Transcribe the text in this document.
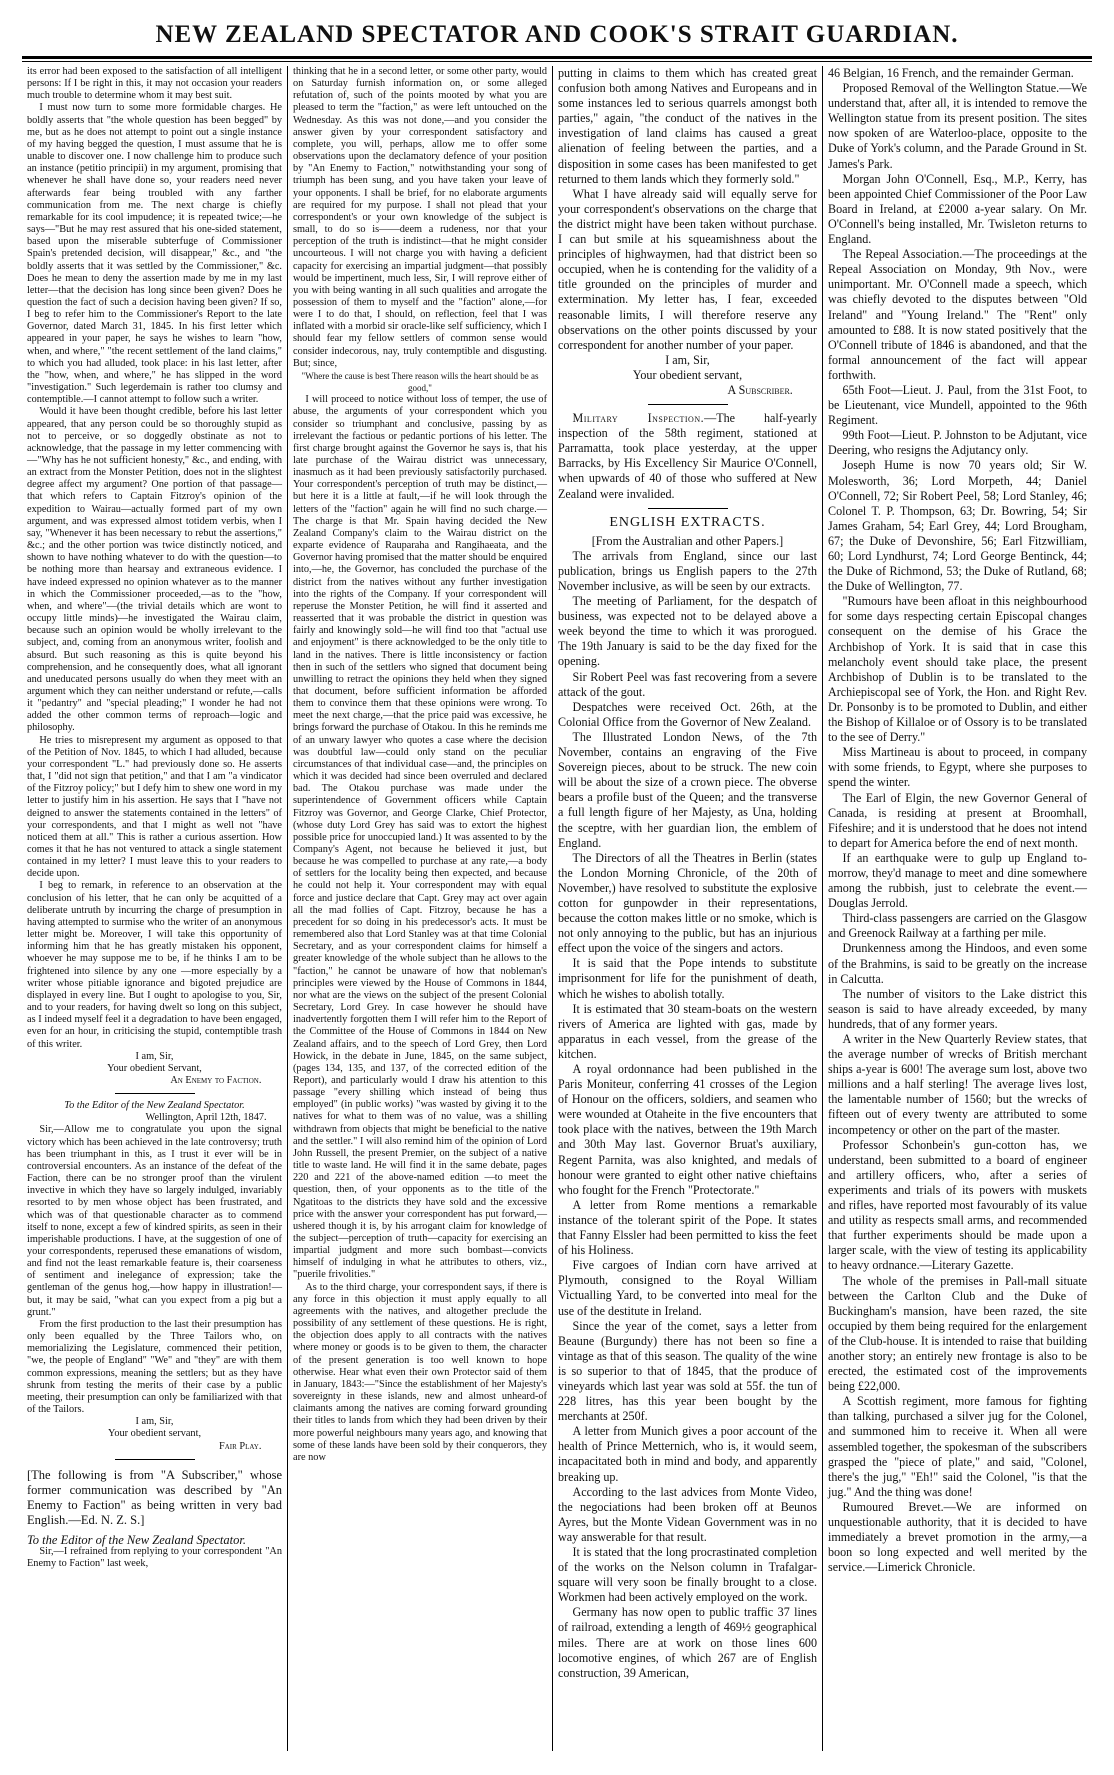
NEW ZEALAND SPECTATOR AND COOK'S STRAIT GUARDIAN.

its error had been exposed to the satisfaction of all intelligent persons: If I be right in this, it may not occasion your readers much trouble to determine whom it may best suit.

I must now turn to some more formidable charges. He boldly asserts that "the whole question has been begged" by me, but as he does not attempt to point out a single instance of my having begged the question, I must assume that he is unable to discover one. I now challenge him to produce such an instance (petitio principii) in my argument, promising that whenever he shall have done so, your readers need never afterwards fear being troubled with any farther communication from me. The next charge is chiefly remarkable for its cool impudence; it is repeated twice;—he says—"But he may rest assured that his one-sided statement, based upon the miserable subterfuge of Commissioner Spain's pretended decision, will disappear," &c., and "the boldly asserts that it was settled by the Commissioner," &c. Does he mean to deny the assertion made by me in my last letter—that the decision has long since been given? Does he question the fact of such a decision having been given? If so, I beg to refer him to the Commissioner's Report to the late Governor, dated March 31, 1845. In his first letter which appeared in your paper, he says he wishes to learn "how, when, and where," "the recent settlement of the land claims," to which you had alluded, took place: in his last letter, after the "how, when, and where," he has slipped in the word "investigation." Such legerdemain is rather too clumsy and contemptible.—I cannot attempt to follow such a writer.

Would it have been thought credible, before his last letter appeared, that any person could be so thoroughly stupid as not to perceive, or so doggedly obstinate as not to acknowledge, that the passage in my letter commencing with—"Why has he not sufficient honesty," &c., and ending, with an extract from the Monster Petition, does not in the slightest degree affect my argument? One portion of that passage—that which refers to Captain Fitzroy's opinion of the expedition to Wairau—actually formed part of my own argument, and was expressed almost totidem verbis, when I say, "Whenever it has been necessary to rebut the assertions," &c.; and the other portion was twice distinctly noticed, and shown to have nothing whatever to do with the question—to be nothing more than hearsay and extraneous evidence. I have indeed expressed no opinion whatever as to the manner in which the Commissioner proceeded,—as to the "how, when, and where"—(the trivial details which are wont to occupy little minds)—he investigated the Wairau claim, because such an opinion would be wholly irrelevant to the subject, and, coming from an anonymous writer, foolish and absurd. But such reasoning as this is quite beyond his comprehension, and he consequently does, what all ignorant and uneducated persons usually do when they meet with an argument which they can neither understand or refute,—calls it "pedantry" and "special pleading;" I wonder he had not added the other common terms of reproach—logic and philosophy.

He tries to misrepresent my argument as opposed to that of the Petition of Nov. 1845, to which I had alluded, because your correspondent "L." had previously done so. He asserts that, I "did not sign that petition," and that I am "a vindicator of the Fitzroy policy;" but I defy him to shew one word in my letter to justify him in his assertion. He says that I "have not deigned to answer the statements contained in the letters" of your correspondents, and that I might as well not "have noticed them at all." This is rather a curious assertion. How comes it that he has not ventured to attack a single statement contained in my letter? I must leave this to your readers to decide upon.

I beg to remark, in reference to an observation at the conclusion of his letter, that he can only be acquitted of a deliberate untruth by incurring the charge of presumption in having attempted to surmise who the writer of an anonymous letter might be. Moreover, I will take this opportunity of informing him that he has greatly mistaken his opponent, whoever he may suppose me to be, if he thinks I am to be frightened into silence by any one —more especially by a writer whose pitiable ignorance and bigoted prejudice are displayed in every line. But I ought to apologise to you, Sir, and to your readers, for having dwelt so long on this subject, as I indeed myself feel it a degradation to have been engaged, even for an hour, in criticising the stupid, contemptible trash of this writer.

I am, Sir,

Your obedient Servant,

An Enemy to Faction.

To the Editor of the New Zealand Spectator.

Wellington, April 12th, 1847.

Sir,—Allow me to congratulate you upon the signal victory which has been achieved in the late controversy; truth has been triumphant in this, as I trust it ever will be in controversial encounters. As an instance of the defeat of the Faction, there can be no stronger proof than the virulent invective in which they have so largely indulged, invariably resorted to by men whose object has been frustrated, and which was of that questionable character as to commend itself to none, except a few of kindred spirits, as seen in their imperishable productions. I have, at the suggestion of one of your correspondents, reperused these emanations of wisdom, and find not the least remarkable feature is, their coarseness of sentiment and inelegance of expression; take the gentleman of the genus hog,—how happy in illustration!—but, it may be said, "what can you expect from a pig but a grunt."

From the first production to the last their presumption has only been equalled by the Three Tailors who, on memorializing the Legislature, commenced their petition, "we, the people of England" "We" and "they" are with them common expressions, meaning the settlers; but as they have shrunk from testing the merits of their case by a public meeting, their presumption can only be familiarized with that of the Tailors.

I am, Sir,

Your obedient servant,

Fair Play.

[The following is from "A Subscriber," whose former communication was described by "An Enemy to Faction" as being written in very bad English.—Ed. N. Z. S.]

To the Editor of the New Zealand Spectator.

Sir,—I refrained from replying to your correspondent "An Enemy to Faction" last week,

thinking that he in a second letter, or some other party, would on Saturday furnish information on, or some alleged refutation of, such of the points mooted by what you are pleased to term the "faction," as were left untouched on the Wednesday. As this was not done,—and you consider the answer given by your correspondent satisfactory and complete, you will, perhaps, allow me to offer some observations upon the declamatory defence of your position by "An Enemy to Faction," notwithstanding your song of triumph has been sung, and you have taken your leave of your opponents. I shall be brief, for no elaborate arguments are required for my purpose. I shall not plead that your correspondent's or your own knowledge of the subject is small, to do so is——deem a rudeness, nor that your perception of the truth is indistinct—that he might consider uncourteous. I will not charge you with having a deficient capacity for exercising an impartial judgment—that possibly would be impertinent, much less, Sir, I will reprove either of you with being wanting in all such qualities and arrogate the possession of them to myself and the "faction" alone,—for were I to do that, I should, on reflection, feel that I was inflated with a morbid sir oracle-like self sufficiency, which I should fear my fellow settlers of common sense would consider indecorous, nay, truly contemptible and disgusting. But; since,

"Where the cause is best There reason wills the heart should be as good,"

I will proceed to notice without loss of temper, the use of abuse, the arguments of your correspondent which you consider so triumphant and conclusive, passing by as irrelevant the factious or pedantic portions of his letter. The first charge brought against the Governor he says is, that his late purchase of the Wairau district was unnecessary, inasmuch as it had been previously satisfactorily purchased. Your correspondent's perception of truth may be distinct,—but here it is a little at fault,—if he will look through the letters of the "faction" again he will find no such charge.—The charge is that Mr. Spain having decided the New Zealand Company's claim to the Wairau district on the exparte evidence of Rauparaha and Rangihaeata, and the Governor having promised that the matter should be enquired into,—he, the Governor, has concluded the purchase of the district from the natives without any further investigation into the rights of the Company. If your correspondent will reperuse the Monster Petition, he will find it asserted and reasserted that it was probable the district in question was fairly and knowingly sold—he will find too that "actual use and enjoyment" is there acknowledged to be the only title to land in the natives. There is little inconsistency or faction then in such of the settlers who signed that document being unwilling to retract the opinions they held when they signed that document, before sufficient information be afforded them to convince them that these opinions were wrong. To meet the next charge,—that the price paid was excessive, he brings forward the purchase of Otakou. In this he reminds me of an unwary lawyer who quotes a case where the decision was doubtful law—could only stand on the peculiar circumstances of that individual case—and, the principles on which it was decided had since been overruled and declared bad. The Otakou purchase was made under the superintendence of Government officers while Captain Fitzroy was Governor, and George Clarke, Chief Protector, (whose duty Lord Grey has said was to extort the highest possible price for unoccupied land.) It was assented to by the Company's Agent, not because he believed it just, but because he was compelled to purchase at any rate,—a body of settlers for the locality being then expected, and because he could not help it. Your correspondent may with equal force and justice declare that Capt. Grey may act over again all the mad follies of Capt. Fitzroy, because he has a precedent for so doing in his predecessor's acts. It must be remembered also that Lord Stanley was at that time Colonial Secretary, and as your correspondent claims for himself a greater knowledge of the whole subject than he allows to the "faction," he cannot be unaware of how that nobleman's principles were viewed by the House of Commons in 1844, nor what are the views on the subject of the present Colonial Secretary, Lord Grey. In case however he should have inadvertently forgotten them I will refer him to the Report of the Committee of the House of Commons in 1844 on New Zealand affairs, and to the speech of Lord Grey, then Lord Howick, in the debate in June, 1845, on the same subject, (pages 134, 135, and 137, of the corrected edition of the Report), and particularly would I draw his attention to this passage "every shilling which instead of being thus employed" (in public works) "was wasted by giving it to the natives for what to them was of no value, was a shilling withdrawn from objects that might be beneficial to the native and the settler." I will also remind him of the opinion of Lord John Russell, the present Premier, on the subject of a native title to waste land. He will find it in the same debate, pages 220 and 221 of the above-named edition —to meet the question, then, of your opponents as to the title of the Ngatitoas to the districts they have sold and the excessive price with the answer your correspondent has put forward,—ushered though it is, by his arrogant claim for knowledge of the subject—perception of truth—capacity for exercising an impartial judgment and more such bombast—convicts himself of indulging in what he attributes to others, viz., "puerile frivolities."

As to the third charge, your correspondent says, if there is any force in this objection it must apply equally to all agreements with the natives, and altogether preclude the possibility of any settlement of these questions. He is right, the objection does apply to all contracts with the natives where money or goods is to be given to them, the character of the present generation is too well known to hope otherwise. Hear what even their own Protector said of them in January, 1843:—"Since the establishment of her Majesty's sovereignty in these islands, new and almost unheard-of claimants among the natives are coming forward grounding their titles to lands from which they had been driven by their more powerful neighbours many years ago, and knowing that some of these lands have been sold by their conquerors, they are now

putting in claims to them which has created great confusion both among Natives and Europeans and in some instances led to serious quarrels amongst both parties," again, "the conduct of the natives in the investigation of land claims has caused a great alienation of feeling between the parties, and a disposition in some cases has been manifested to get returned to them lands which they formerly sold."

What I have already said will equally serve for your correspondent's observations on the charge that the district might have been taken without purchase. I can but smile at his squeamishness about the principles of highwaymen, had that district been so occupied, when he is contending for the validity of a title grounded on the principles of murder and extermination. My letter has, I fear, exceeded reasonable limits, I will therefore reserve any observations on the other points discussed by your correspondent for another number of your paper.

I am, Sir,

Your obedient servant,

A Subscriber.

Military Inspection.—The half-yearly inspection of the 58th regiment, stationed at Parramatta, took place yesterday, at the upper Barracks, by His Excellency Sir Maurice O'Connell, when upwards of 40 of those who suffered at New Zealand were invalided.

ENGLISH EXTRACTS.

[From the Australian and other Papers.]

The arrivals from England, since our last publication, brings us English papers to the 27th November inclusive, as will be seen by our extracts.

The meeting of Parliament, for the despatch of business, was expected not to be delayed above a week beyond the time to which it was prorogued. The 19th January is said to be the day fixed for the opening.

Sir Robert Peel was fast recovering from a severe attack of the gout.

Despatches were received Oct. 26th, at the Colonial Office from the Governor of New Zealand.

The Illustrated London News, of the 7th November, contains an engraving of the Five Sovereign pieces, about to be struck. The new coin will be about the size of a crown piece. The obverse bears a profile bust of the Queen; and the transverse a full length figure of her Majesty, as Una, holding the sceptre, with her guardian lion, the emblem of England.

The Directors of all the Theatres in Berlin (states the London Morning Chronicle, of the 20th of November,) have resolved to substitute the explosive cotton for gunpowder in their representations, because the cotton makes little or no smoke, which is not only annoying to the public, but has an injurious effect upon the voice of the singers and actors.

It is said that the Pope intends to substitute imprisonment for life for the punishment of death, which he wishes to abolish totally.

It is estimated that 30 steam-boats on the western rivers of America are lighted with gas, made by apparatus in each vessel, from the grease of the kitchen.

A royal ordonnance had been published in the Paris Moniteur, conferring 41 crosses of the Legion of Honour on the officers, soldiers, and seamen who were wounded at Otaheite in the five encounters that took place with the natives, between the 19th March and 30th May last. Governor Bruat's auxiliary, Regent Parnita, was also knighted, and medals of honour were granted to eight other native chieftains who fought for the French "Protectorate."

A letter from Rome mentions a remarkable instance of the tolerant spirit of the Pope. It states that Fanny Elssler had been permitted to kiss the feet of his Holiness.

Five cargoes of Indian corn have arrived at Plymouth, consigned to the Royal William Victualling Yard, to be converted into meal for the use of the destitute in Ireland.

Since the year of the comet, says a letter from Beaune (Burgundy) there has not been so fine a vintage as that of this season. The quality of the wine is so superior to that of 1845, that the produce of vineyards which last year was sold at 55f. the tun of 228 litres, has this year been bought by the merchants at 250f.

A letter from Munich gives a poor account of the health of Prince Metternich, who is, it would seem, incapacitated both in mind and body, and apparently breaking up.

According to the last advices from Monte Video, the negociations had been broken off at Beunos Ayres, but the Monte Videan Government was in no way answerable for that result.

It is stated that the long procrastinated completion of the works on the Nelson column in Trafalgar-square will very soon be finally brought to a close. Workmen had been actively employed on the work.

Germany has now open to public traffic 37 lines of railroad, extending a length of 469½ geographical miles. There are at work on those lines 600 locomotive engines, of which 267 are of English construction, 39 American,

46 Belgian, 16 French, and the remainder German.

Proposed Removal of the Wellington Statue.—We understand that, after all, it is intended to remove the Wellington statue from its present position. The sites now spoken of are Waterloo-place, opposite to the Duke of York's column, and the Parade Ground in St. James's Park.

Morgan John O'Connell, Esq., M.P., Kerry, has been appointed Chief Commissioner of the Poor Law Board in Ireland, at £2000 a-year salary. On Mr. O'Connell's being installed, Mr. Twisleton returns to England.

The Repeal Association.—The proceedings at the Repeal Association on Monday, 9th Nov., were unimportant. Mr. O'Connell made a speech, which was chiefly devoted to the disputes between "Old Ireland" and "Young Ireland." The "Rent" only amounted to £88. It is now stated positively that the O'Connell tribute of 1846 is abandoned, and that the formal announcement of the fact will appear forthwith.

65th Foot—Lieut. J. Paul, from the 31st Foot, to be Lieutenant, vice Mundell, appointed to the 96th Regiment.

99th Foot—Lieut. P. Johnston to be Adjutant, vice Deering, who resigns the Adjutancy only.

Joseph Hume is now 70 years old; Sir W. Molesworth, 36; Lord Morpeth, 44; Daniel O'Connell, 72; Sir Robert Peel, 58; Lord Stanley, 46; Colonel T. P. Thompson, 63; Dr. Bowring, 54; Sir James Graham, 54; Earl Grey, 44; Lord Brougham, 67; the Duke of Devonshire, 56; Earl Fitzwilliam, 60; Lord Lyndhurst, 74; Lord George Bentinck, 44; the Duke of Richmond, 53; the Duke of Rutland, 68; the Duke of Wellington, 77.

"Rumours have been afloat in this neighbourhood for some days respecting certain Episcopal changes consequent on the demise of his Grace the Archbishop of York. It is said that in case this melancholy event should take place, the present Archbishop of Dublin is to be translated to the Archiepiscopal see of York, the Hon. and Right Rev. Dr. Ponsonby is to be promoted to Dublin, and either the Bishop of Killaloe or of Ossory is to be translated to the see of Derry."

Miss Martineau is about to proceed, in company with some friends, to Egypt, where she purposes to spend the winter.

The Earl of Elgin, the new Governor General of Canada, is residing at present at Broomhall, Fifeshire; and it is understood that he does not intend to depart for America before the end of next month.

If an earthquake were to gulp up England to-morrow, they'd manage to meet and dine somewhere among the rubbish, just to celebrate the event.—Douglas Jerrold.

Third-class passengers are carried on the Glasgow and Greenock Railway at a farthing per mile.

Drunkenness among the Hindoos, and even some of the Brahmins, is said to be greatly on the increase in Calcutta.

The number of visitors to the Lake district this season is said to have already exceeded, by many hundreds, that of any former years.

A writer in the New Quarterly Review states, that the average number of wrecks of British merchant ships a-year is 600! The average sum lost, above two millions and a half sterling! The average lives lost, the lamentable number of 1560; but the wrecks of fifteen out of every twenty are attributed to some incompetency or other on the part of the master.

Professor Schonbein's gun-cotton has, we understand, been submitted to a board of engineer and artillery officers, who, after a series of experiments and trials of its powers with muskets and rifles, have reported most favourably of its value and utility as respects small arms, and recommended that further experiments should be made upon a larger scale, with the view of testing its applicability to heavy ordnance.—Literary Gazette.

The whole of the premises in Pall-mall situate between the Carlton Club and the Duke of Buckingham's mansion, have been razed, the site occupied by them being required for the enlargement of the Club-house. It is intended to raise that building another story; an entirely new frontage is also to be erected, the estimated cost of the improvements being £22,000.

A Scottish regiment, more famous for fighting than talking, purchased a silver jug for the Colonel, and summoned him to receive it. When all were assembled together, the spokesman of the subscribers grasped the "piece of plate," and said, "Colonel, there's the jug," "Eh!" said the Colonel, "is that the jug." And the thing was done!

Rumoured Brevet.—We are informed on unquestionable authority, that it is decided to have immediately a brevet promotion in the army,—a boon so long expected and well merited by the service.—Limerick Chronicle.
